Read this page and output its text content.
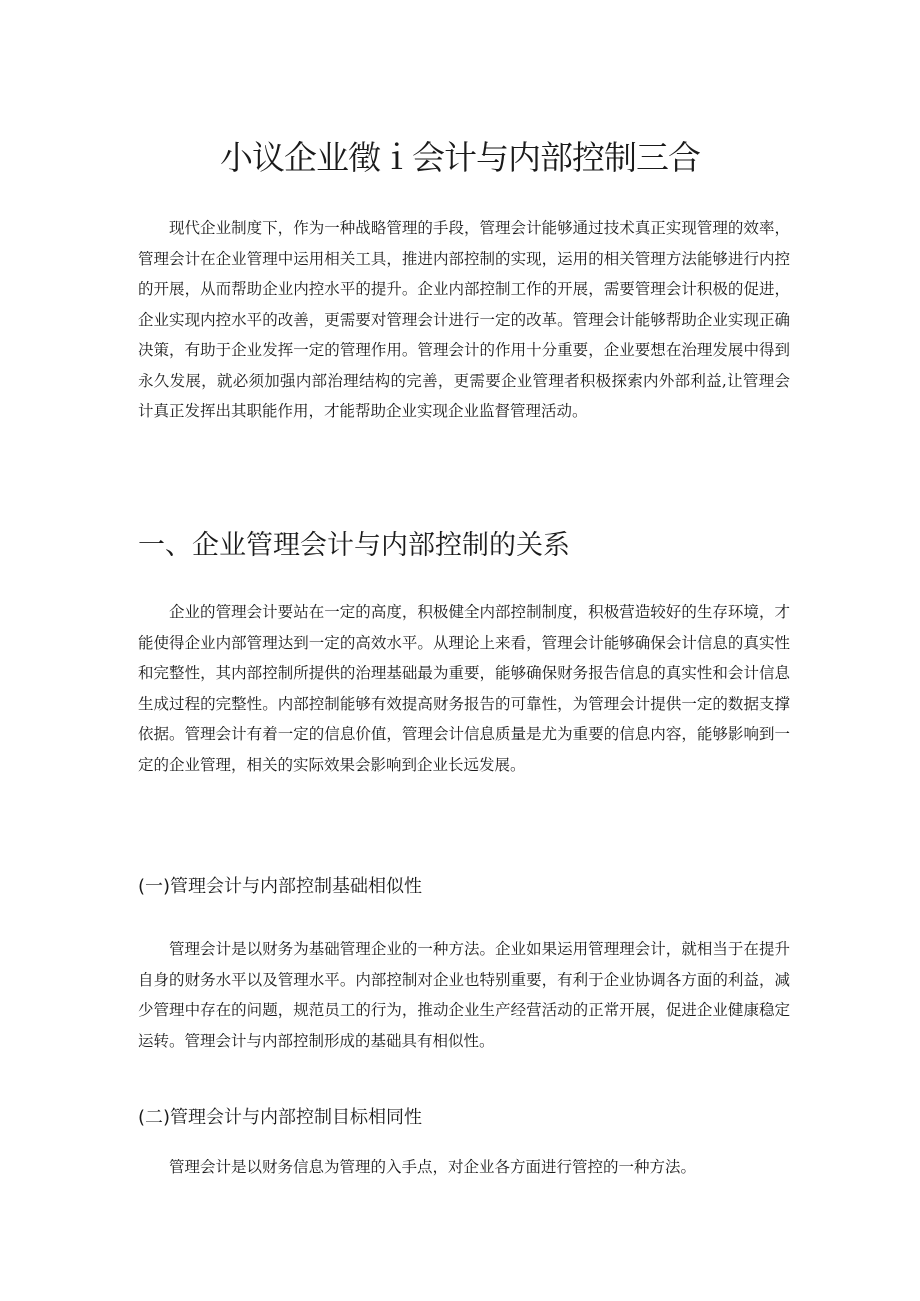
小议企业徵ｉ会计与内部控制三合

现代企业制度下，作为一种战略管理的手段，管理会计能够通过技术真正实现管理的效率，管理会计在企业管理中运用相关工具，推进内部控制的实现，运用的相关管理方法能够进行内控的开展，从而帮助企业内控水平的提升。企业内部控制工作的开展，需要管理会计积极的促进，企业实现内控水平的改善，更需要对管理会计进行一定的改革。管理会计能够帮助企业实现正确决策，有助于企业发挥一定的管理作用。管理会计的作用十分重要，企业要想在治理发展中得到永久发展，就必须加强内部治理结构的完善，更需要企业管理者积极探索内外部利益,让管理会计真正发挥出其职能作用，才能帮助企业实现企业监督管理活动。

一、企业管理会计与内部控制的关系

企业的管理会计要站在一定的高度，积极健全内部控制制度，积极营造较好的生存环境，才能使得企业内部管理达到一定的高效水平。从理论上来看，管理会计能够确保会计信息的真实性和完整性，其内部控制所提供的治理基础最为重要，能够确保财务报告信息的真实性和会计信息生成过程的完整性。内部控制能够有效提高财务报告的可靠性，为管理会计提供一定的数据支撑依据。管理会计有着一定的信息价值，管理会计信息质量是尤为重要的信息内容，能够影响到一定的企业管理，相关的实际效果会影响到企业长远发展。

(一)管理会计与内部控制基础相似性

管理会计是以财务为基础管理企业的一种方法。企业如果运用管理理会计，就相当于在提升自身的财务水平以及管理水平。内部控制对企业也特别重要，有利于企业协调各方面的利益，减少管理中存在的问题，规范员工的行为，推动企业生产经营活动的正常开展，促进企业健康稳定运转。管理会计与内部控制形成的基础具有相似性。

(二)管理会计与内部控制目标相同性

管理会计是以财务信息为管理的入手点，对企业各方面进行管控的一种方法。
